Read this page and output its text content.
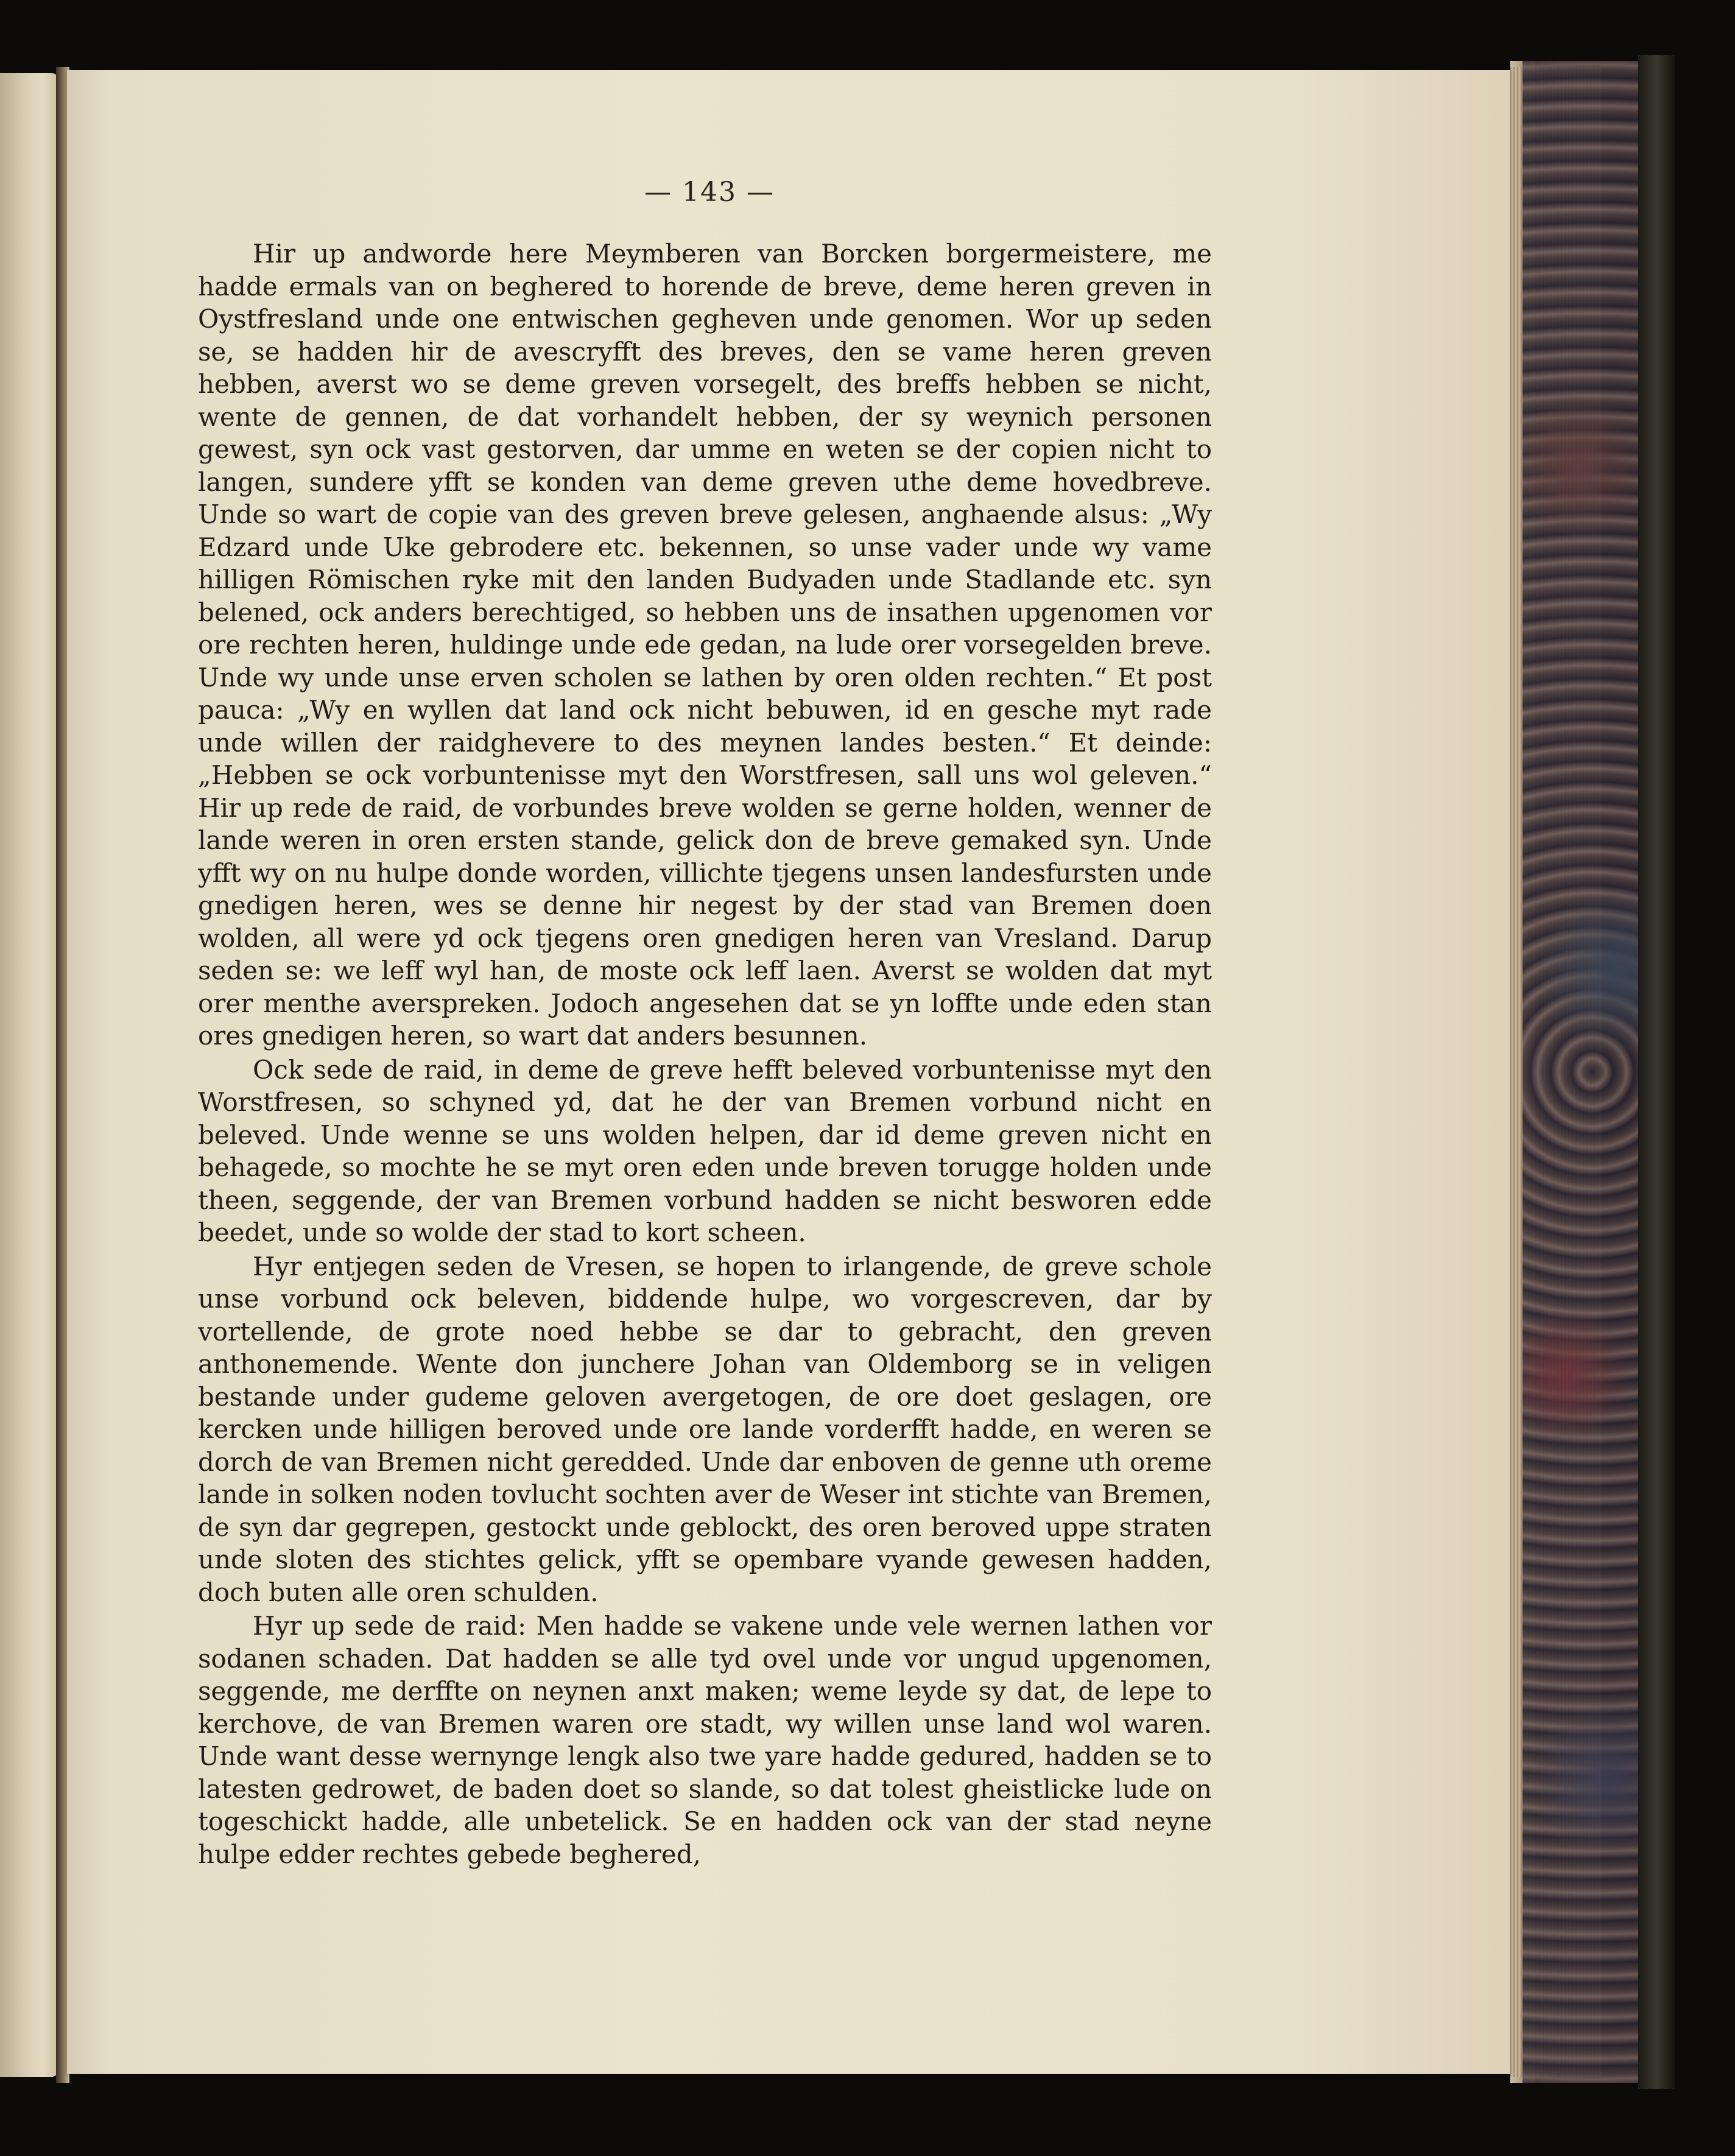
— 143 —

Hir up andworde here Meymberen van Borcken borgermeistere, me hadde ermals van on beghered to horende de breve, deme heren greven in Oystfresland unde one entwischen gegheven unde genomen. Wor up seden se, se hadden hir de avescryfft des breves, den se vame heren greven hebben, averst wo se deme greven vorsegelt, des breffs hebben se nicht, wente de gennen, de dat vorhandelt hebben, der sy weynich personen gewest, syn ock vast gestorven, dar umme en weten se der copien nicht to langen, sundere yfft se konden van deme greven uthe deme hovedbreve. Unde so wart de copie van des greven breve gelesen, anghaende alsus: „Wy Edzard unde Uke gebrodere etc. bekennen, so unse vader unde wy vame hilligen Römischen ryke mit den landen Budyaden unde Stadlande etc. syn belened, ock anders berechtiged, so hebben uns de insathen upgenomen vor ore rechten heren, huldinge unde ede gedan, na lude orer vorsegelden breve. Unde wy unde unse erven scholen se lathen by oren olden rechten.“ Et post pauca: „Wy en wyllen dat land ock nicht bebuwen, id en gesche myt rade unde willen der raidghevere to des meynen landes besten.“ Et deinde: „Hebben se ock vorbuntenisse myt den Worstfresen, sall uns wol geleven.“ Hir up rede de raid, de vorbundes breve wolden se gerne holden, wenner de lande weren in oren ersten stande, gelick don de breve gemaked syn. Unde yfft wy on nu hulpe donde worden, villichte tjegens unsen landesfursten unde gnedigen heren, wes se denne hir negest by der stad van Bremen doen wolden, all were yd ock tjegens oren gnedigen heren van Vresland. Darup seden se: we leff wyl han, de moste ock leff laen. Averst se wolden dat myt orer menthe averspreken. Jodoch angesehen dat se yn loffte unde eden stan ores gnedigen heren, so wart dat anders besunnen.

Ock sede de raid, in deme de greve hefft beleved vorbuntenisse myt den Worstfresen, so schyned yd, dat he der van Bremen vorbund nicht en beleved. Unde wenne se uns wolden helpen, dar id deme greven nicht en behagede, so mochte he se myt oren eden unde breven torugge holden unde theen, seggende, der van Bremen vorbund hadden se nicht besworen edde beedet, unde so wolde der stad to kort scheen.

Hyr entjegen seden de Vresen, se hopen to irlangende, de greve schole unse vorbund ock beleven, biddende hulpe, wo vorgescreven, dar by vortellende, de grote noed hebbe se dar to gebracht, den greven anthonemende. Wente don junchere Johan van Oldemborg se in veligen bestande under gudeme geloven avergetogen, de ore doet geslagen, ore kercken unde hilligen beroved unde ore lande vorderfft hadde, en weren se dorch de van Bremen nicht geredded. Unde dar enboven de genne uth oreme lande in solken noden tovlucht sochten aver de Weser int stichte van Bremen, de syn dar gegrepen, gestockt unde geblockt, des oren beroved uppe straten unde sloten des stichtes gelick, yfft se opembare vyande gewesen hadden, doch buten alle oren schulden.

Hyr up sede de raid: Men hadde se vakene unde vele wernen lathen vor sodanen schaden. Dat hadden se alle tyd ovel unde vor ungud upgenomen, seggende, me derffte on neynen anxt maken; weme leyde sy dat, de lepe to kerchove, de van Bremen waren ore stadt, wy willen unse land wol waren. Unde want desse wernynge lengk also twe yare hadde gedured, hadden se to latesten gedrowet, de baden doet so slande, so dat tolest gheistlicke lude on togeschickt hadde, alle unbetelick. Se en hadden ock van der stad neyne hulpe edder rechtes gebede beghered,
